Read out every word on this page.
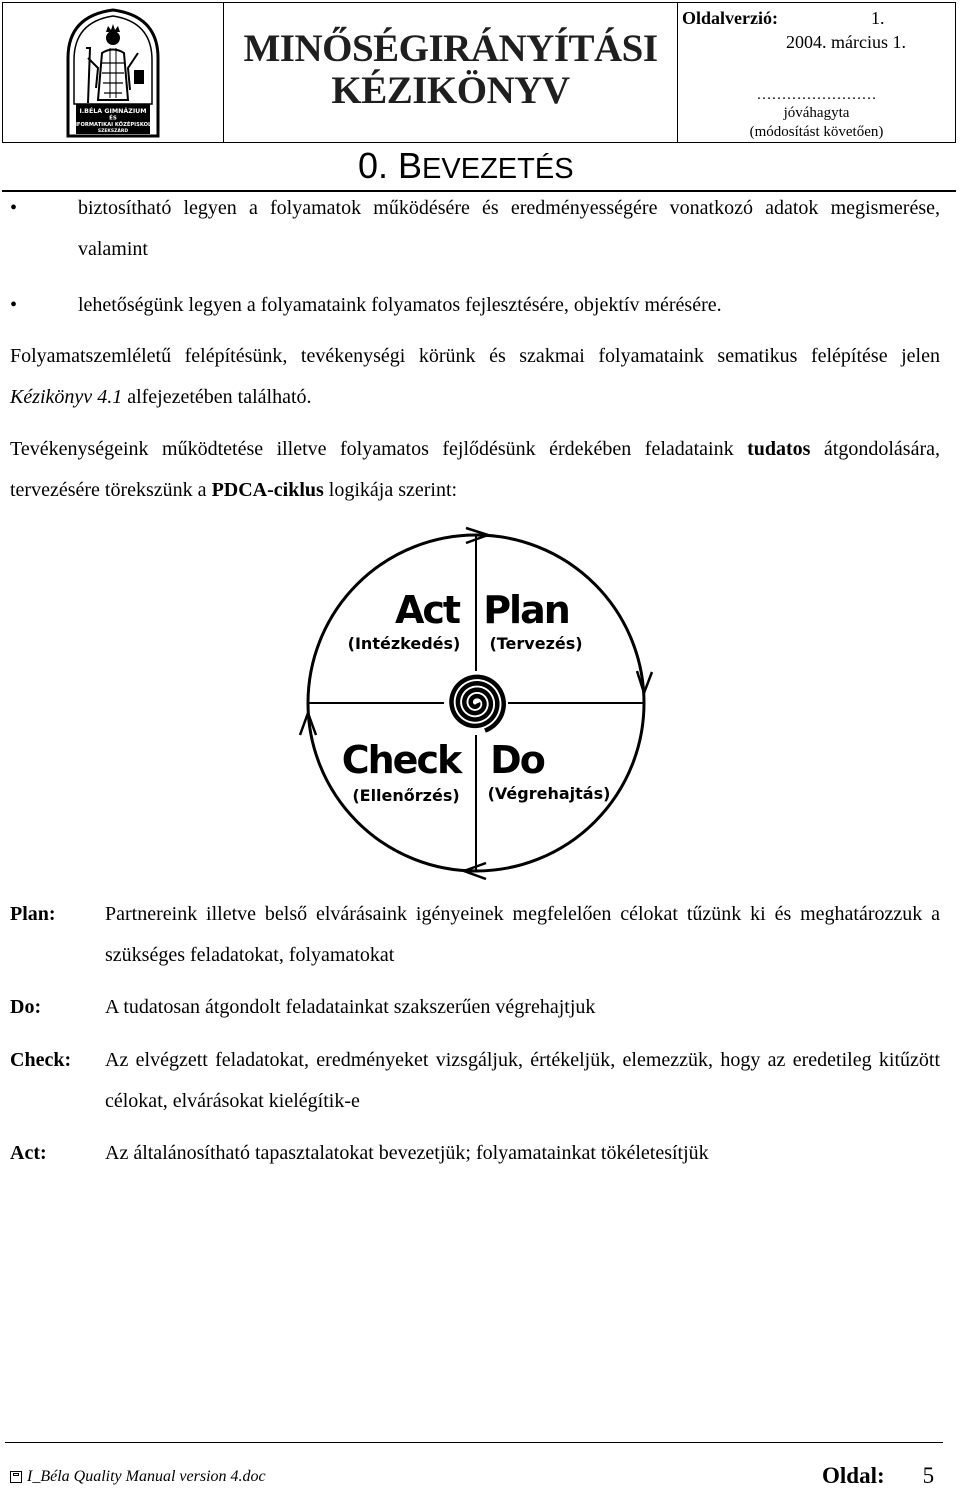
I.BÉLA GIMNÁZIUM
ÉS
INFORMATIKAI KÖZÉPISKOLA
SZEKSZÁRD
MINŐSÉGIRÁNYÍTÁSI
KÉZIKÖNYV
Oldalverzió:	1.
2004. március 1.
……………………
jóváhagyta
(módosítást követően)
0. BEVEZETÉS
•	biztosítható legyen a folyamatok működésére és eredményességére vonatkozó adatok megismerése, valamint
•	lehetőségünk legyen a folyamataink folyamatos fejlesztésére, objektív mérésére.
Folyamatszemléletű felépítésünk, tevékenységi körünk és szakmai folyamataink sematikus felépítése jelen Kézikönyv 4.1 alfejezetében található.
Tevékenységeink működtetése illetve folyamatos fejlődésünk érdekében feladataink tudatos átgondolására, tervezésére törekszünk a PDCA-ciklus logikája szerint:
Act
(Intézkedés)
Plan
(Tervezés)
Check
(Ellenőrzés)
Do
(Végrehajtás)
Plan: Partnereink illetve belső elvárásaink igényeinek megfelelően célokat tűzünk ki és meghatározzuk a szükséges feladatokat, folyamatokat
Do:	A tudatosan átgondolt feladatainkat szakszerűen végrehajtjuk
Check: Az elvégzett feladatokat, eredményeket vizsgáljuk, értékeljük, elemezzük, hogy az eredetileg kitűzött célokat, elvárásokat kielégítik-e
Act:	Az általánosítható tapasztalatokat bevezetjük; folyamatainkat tökéletesítjük
I_Béla Quality Manual version 4.doc	Oldal: 5
